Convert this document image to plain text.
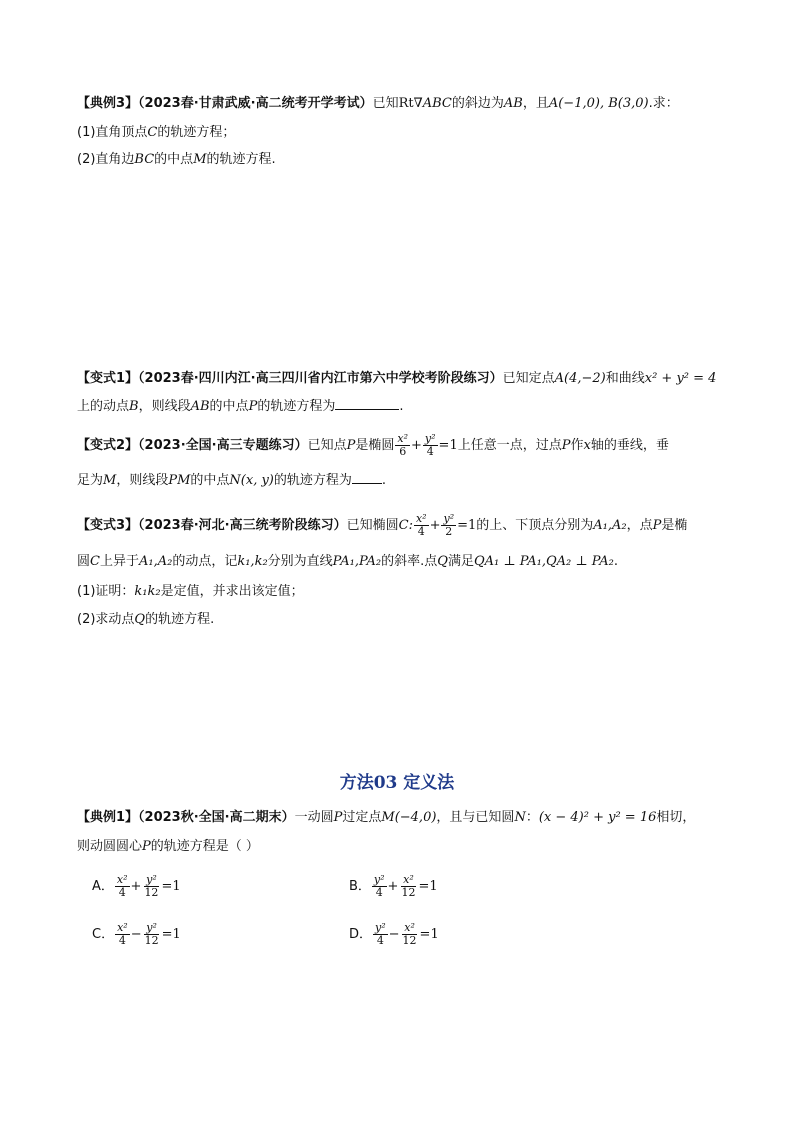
【典例3】（2023春·甘肃武威·高二统考开学考试）已知Rt∇ABC的斜边为AB，且A(−1,0), B(3,0).求：
(1)直角顶点C的轨迹方程；
(2)直角边BC的中点M的轨迹方程.
【变式1】（2023春·四川内江·高三四川省内江市第六中学校考阶段练习）已知定点A(4,−2)和曲线x² + y² = 4
上的动点B，则线段AB的中点P的轨迹方程为	.
【变式2】（2023·全国·高三专题练习）已知点P是椭圆 $\frac{\text{x²}}{6} + \frac{\text{y²}}{4} =1$上任意一点，过点P作x轴的垂线，垂
足为M，则线段PM的中点N(x, y)的轨迹方程为 .
【变式3】（2023春·河北·高三统考阶段练习）已知椭圆C: $\frac{\text{x²}}{4} + \frac{\text{y²}}{2} =1$的上、下顶点分别为A₁,A₂，点P是椭
圆C上异于A₁,A₂的动点，记k₁,k₂分别为直线PA₁,PA₂的斜率.点Q满足QA₁ ⊥ PA₁,QA₂ ⊥ PA₂.
(1)证明：k₁k₂是定值，并求出该定值；
(2)求动点Q的轨迹方程.
方法03 定义法
【典例1】（2023秋·全国·高二期末）一动圆P过定点M(−4,0)，且与已知圆N：(x − 4)² + y² = 16相切，
则动圆圆心P的轨迹方程是（ ）
A． $\frac{\text{x²}}{4} + \frac{\text{y²}}{12} =1$	B． $\frac{\text{y²}}{4} + \frac{\text{x²}}{12} =1$
C． $\frac{\text{x²}}{4} - \frac{\text{y²}}{12} =1$	D． $\frac{\text{y²}}{4} - \frac{\text{x²}}{12} =1$
